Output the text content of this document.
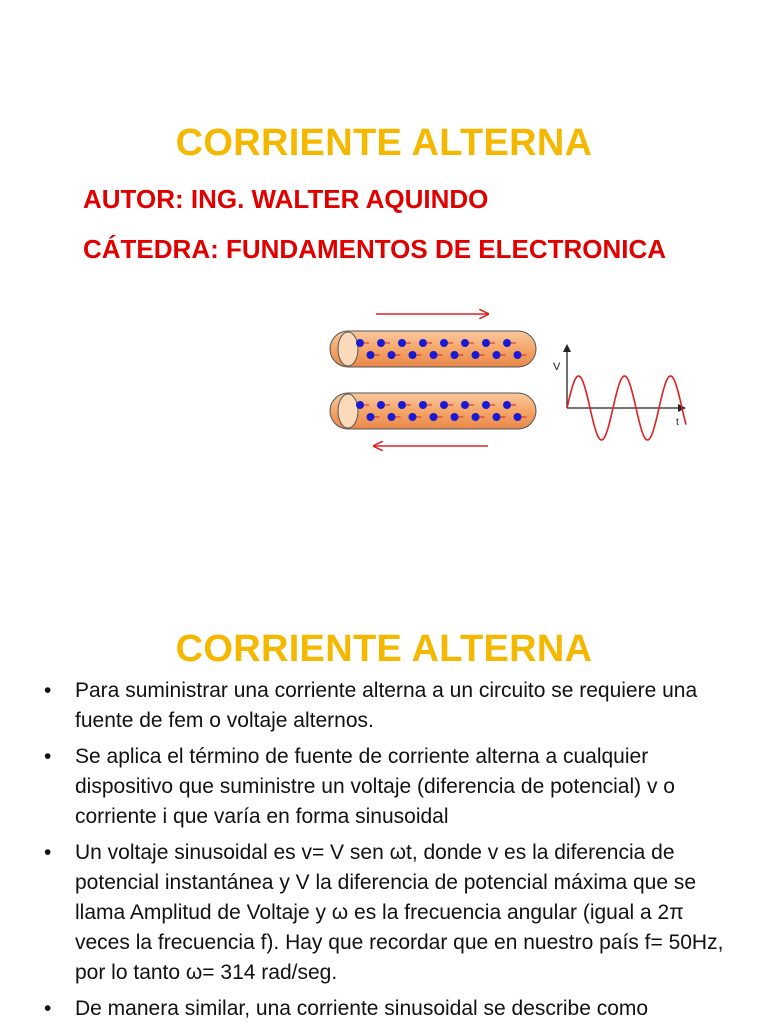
CORRIENTE ALTERNA
AUTOR: ING. WALTER AQUINDO
CÁTEDRA: FUNDAMENTOS DE ELECTRONICA
V
t
CORRIENTE ALTERNA
• Para suministrar una corriente alterna a un circuito se requiere una fuente de fem o voltaje alternos.
• Se aplica el término de fuente de corriente alterna a cualquier dispositivo que suministre un voltaje (diferencia de potencial) v o corriente i que varía en forma sinusoidal
• Un voltaje sinusoidal es v= V sen ωt, donde v es la diferencia de potencial instantánea y V la diferencia de potencial máxima que se llama Amplitud de Voltaje y ω es la frecuencia angular (igual a 2π veces la frecuencia f). Hay que recordar que en nuestro país f= 50Hz, por lo tanto ω= 314 rad/seg.
• De manera similar, una corriente sinusoidal se describe como
